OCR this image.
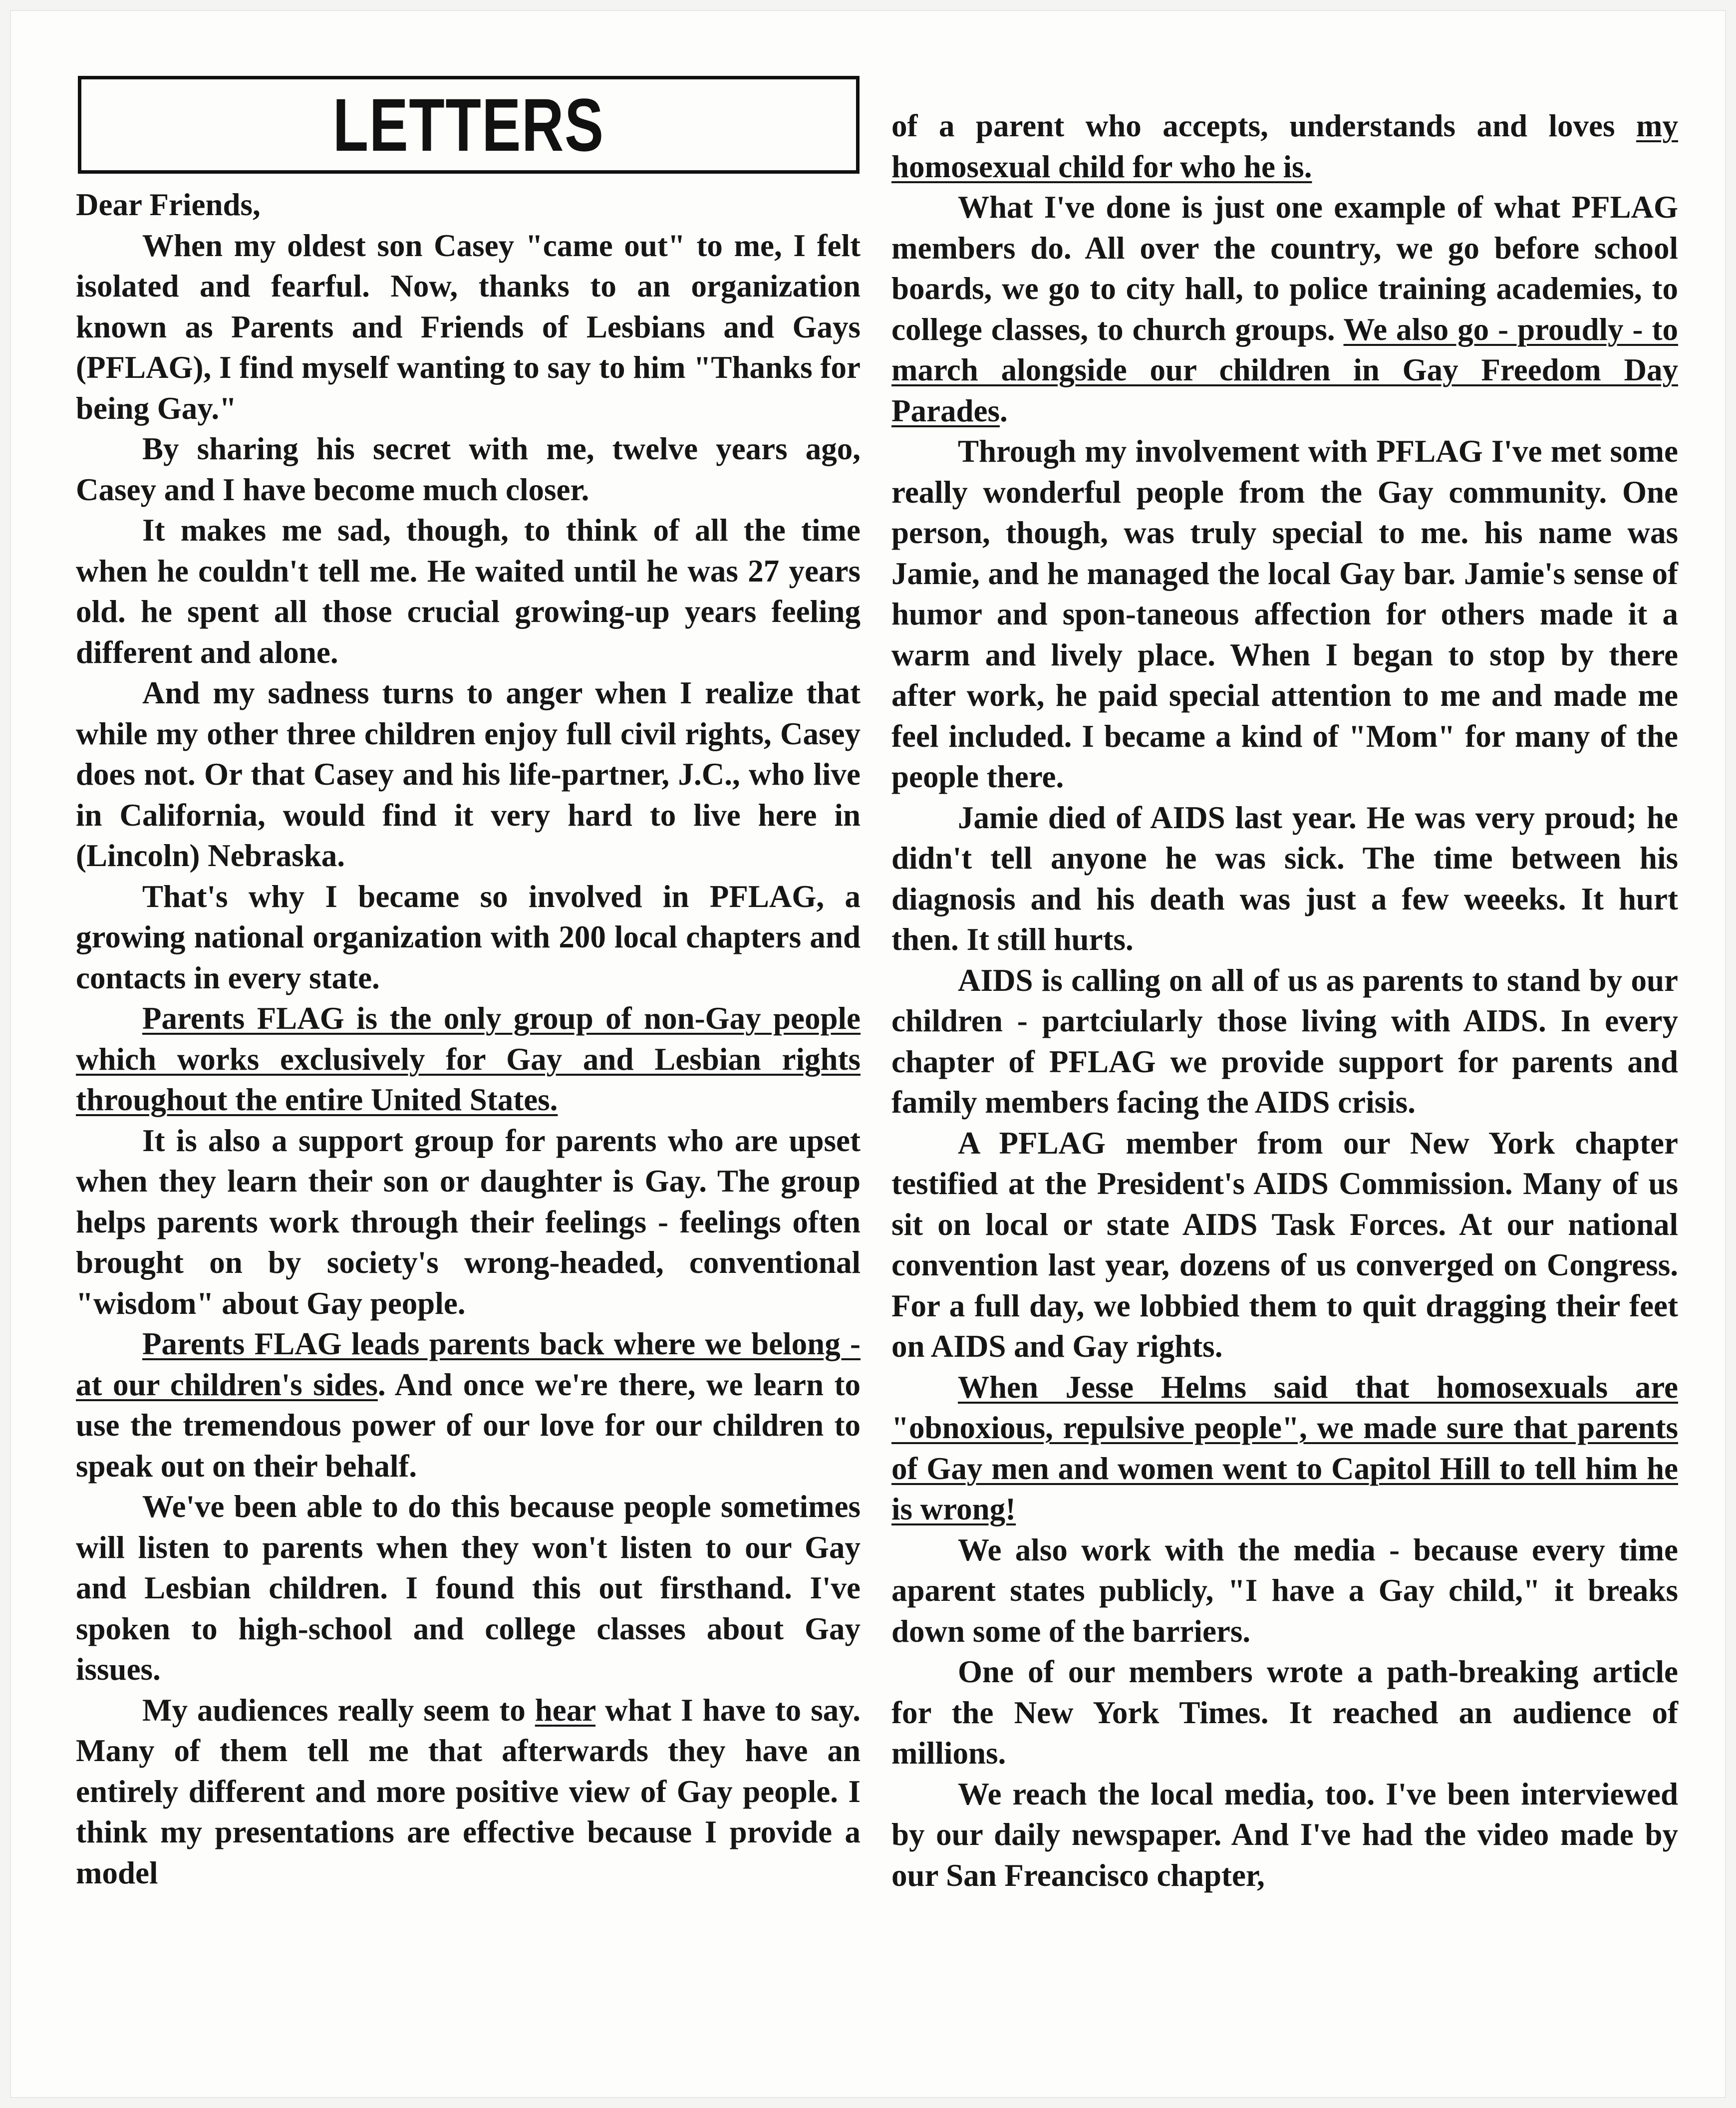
LETTERS

Dear Friends,

When my oldest son Casey "came out" to me, I felt isolated and fearful. Now, thanks to an organization known as Parents and Friends of Lesbians and Gays (PFLAG), I find myself wanting to say to him "Thanks for being Gay."

By sharing his secret with me, twelve years ago, Casey and I have become much closer.

It makes me sad, though, to think of all the time when he couldn't tell me. He waited until he was 27 years old. he spent all those crucial growing-up years feeling different and alone.

And my sadness turns to anger when I realize that while my other three children enjoy full civil rights, Casey does not. Or that Casey and his life-partner, J.C., who live in California, would find it very hard to live here in (Lincoln) Nebraska.

That's why I became so involved in PFLAG, a growing national organization with 200 local chapters and contacts in every state.

Parents FLAG is the only group of non-Gay people which works exclusively for Gay and Lesbian rights throughout the entire United States.

It is also a support group for parents who are upset when they learn their son or daughter is Gay. The group helps parents work through their feelings - feelings often brought on by society's wrong-headed, conventional "wisdom" about Gay people.

Parents FLAG leads parents back where we belong - at our children's sides. And once we're there, we learn to use the tremendous power of our love for our children to speak out on their behalf.

We've been able to do this because people sometimes will listen to parents when they won't listen to our Gay and Lesbian children. I found this out firsthand. I've spoken to high-school and college classes about Gay issues.

My audiences really seem to hear what I have to say. Many of them tell me that afterwards they have an entirely different and more positive view of Gay people. I think my presentations are effective because I provide a model

of a parent who accepts, understands and loves my homosexual child for who he is.

What I've done is just one example of what PFLAG members do. All over the country, we go before school boards, we go to city hall, to police training academies, to college classes, to church groups. We also go - proudly - to march alongside our children in Gay Freedom Day Parades.

Through my involvement with PFLAG I've met some really wonderful people from the Gay community. One person, though, was truly special to me. his name was Jamie, and he managed the local Gay bar. Jamie's sense of humor and spon-taneous affection for others made it a warm and lively place. When I began to stop by there after work, he paid special attention to me and made me feel included. I became a kind of "Mom" for many of the people there.

Jamie died of AIDS last year. He was very proud; he didn't tell anyone he was sick. The time between his diagnosis and his death was just a few weeeks. It hurt then. It still hurts.

AIDS is calling on all of us as parents to stand by our children - partciularly those living with AIDS. In every chapter of PFLAG we provide support for parents and family members facing the AIDS crisis.

A PFLAG member from our New York chapter testified at the President's AIDS Commission. Many of us sit on local or state AIDS Task Forces. At our national convention last year, dozens of us converged on Congress. For a full day, we lobbied them to quit dragging their feet on AIDS and Gay rights.

When Jesse Helms said that homosexuals are "obnoxious, repulsive people", we made sure that parents of Gay men and women went to Capitol Hill to tell him he is wrong!

We also work with the media - because every time aparent states publicly, "I have a Gay child," it breaks down some of the barriers.

One of our members wrote a path-breaking article for the New York Times. It reached an audience of millions.

We reach the local media, too. I've been interviewed by our daily newspaper. And I've had the video made by our San Freancisco chapter,
